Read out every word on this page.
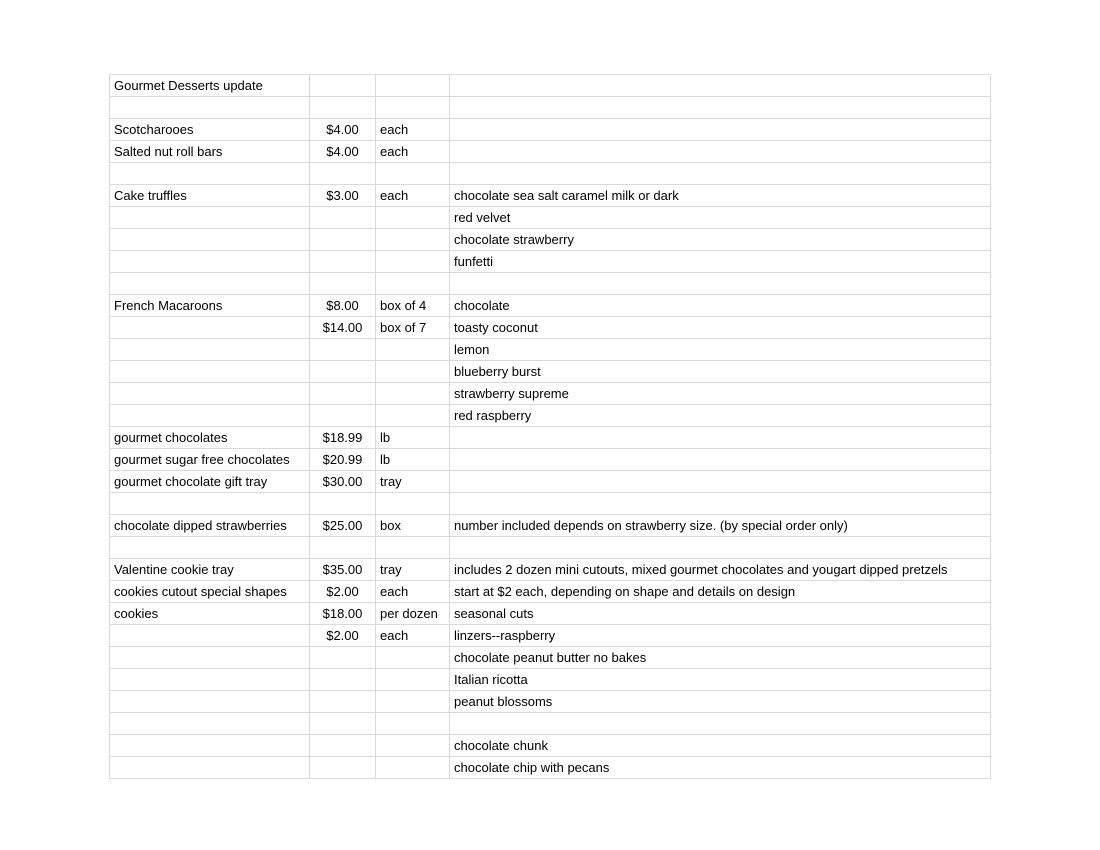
Gourmet Desserts update			

Scotcharooes	$4.00	each	
Salted nut roll bars	$4.00	each	

Cake truffles	$3.00	each	chocolate sea salt caramel milk or dark
			red velvet
			chocolate strawberry
			funfetti

French Macaroons	$8.00	box of 4	chocolate
	$14.00	box of 7	toasty coconut
			lemon
			blueberry burst
			strawberry supreme
			red raspberry
gourmet chocolates	$18.99	lb	
gourmet sugar free chocolates	$20.99	lb	
gourmet chocolate gift tray	$30.00	tray	

chocolate dipped strawberries	$25.00	box	number included depends on strawberry size. (by special order only)

Valentine cookie tray	$35.00	tray	includes 2 dozen mini cutouts, mixed gourmet chocolates and yougart dipped pretzels
cookies cutout special shapes	$2.00	each	start at $2 each, depending on shape and details on design
cookies	$18.00	per dozen	seasonal cuts
	$2.00	each	linzers--raspberry
			chocolate peanut butter no bakes
			Italian ricotta
			peanut blossoms

			chocolate chunk
			chocolate chip with pecans
